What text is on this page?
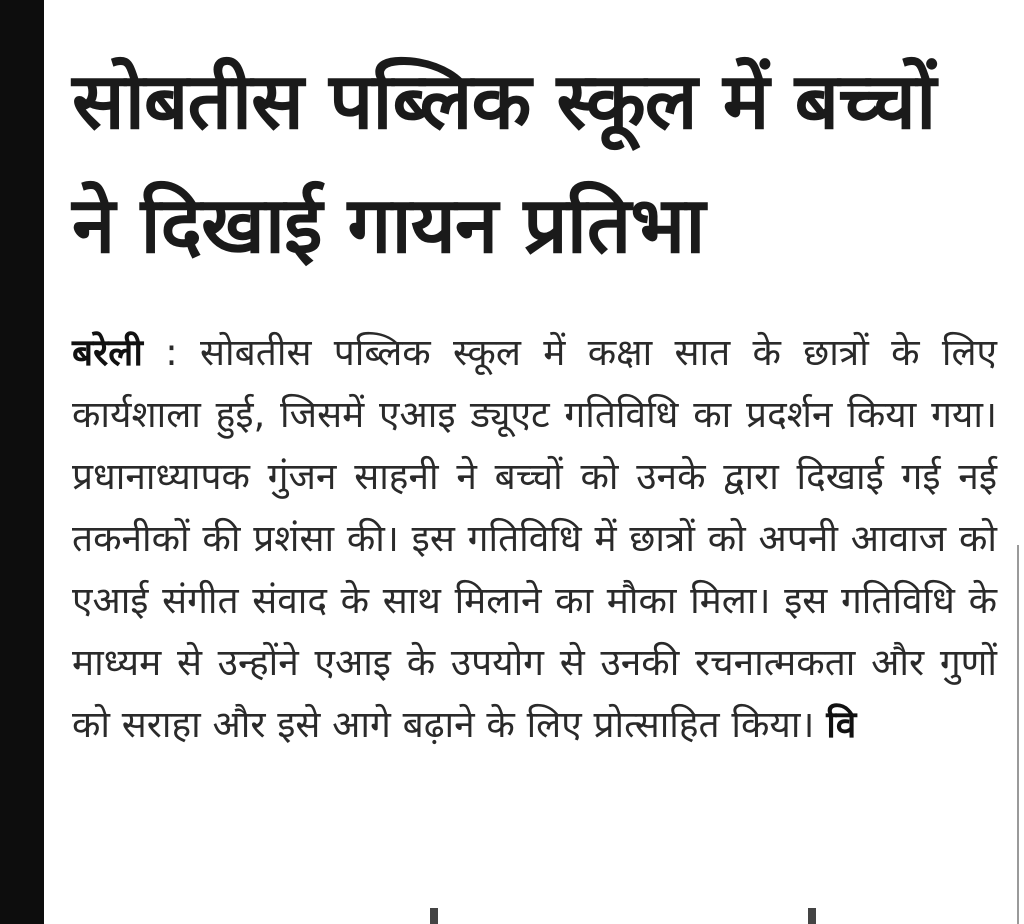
सोबतीस पब्लिक स्कूल में बच्चों
ने दिखाई गायन प्रतिभा

बरेली : सोबतीस पब्लिक स्कूल में कक्षा सात के छात्रों के लिए कार्यशाला हुई, जिसमें एआइ ड्यूएट गतिविधि का प्रदर्शन किया गया। प्रधानाध्यापक गुंजन साहनी ने बच्चों को उनके द्वारा दिखाई गई नई तकनीकों की प्रशंसा की। इस गतिविधि में छात्रों को अपनी आवाज को एआई संगीत संवाद के साथ मिलाने का मौका मिला। इस गतिविधि के माध्यम से उन्होंने एआइ के उपयोग से उनकी रचनात्मकता और गुणों को सराहा और इसे आगे बढ़ाने के लिए प्रोत्साहित किया। वि
